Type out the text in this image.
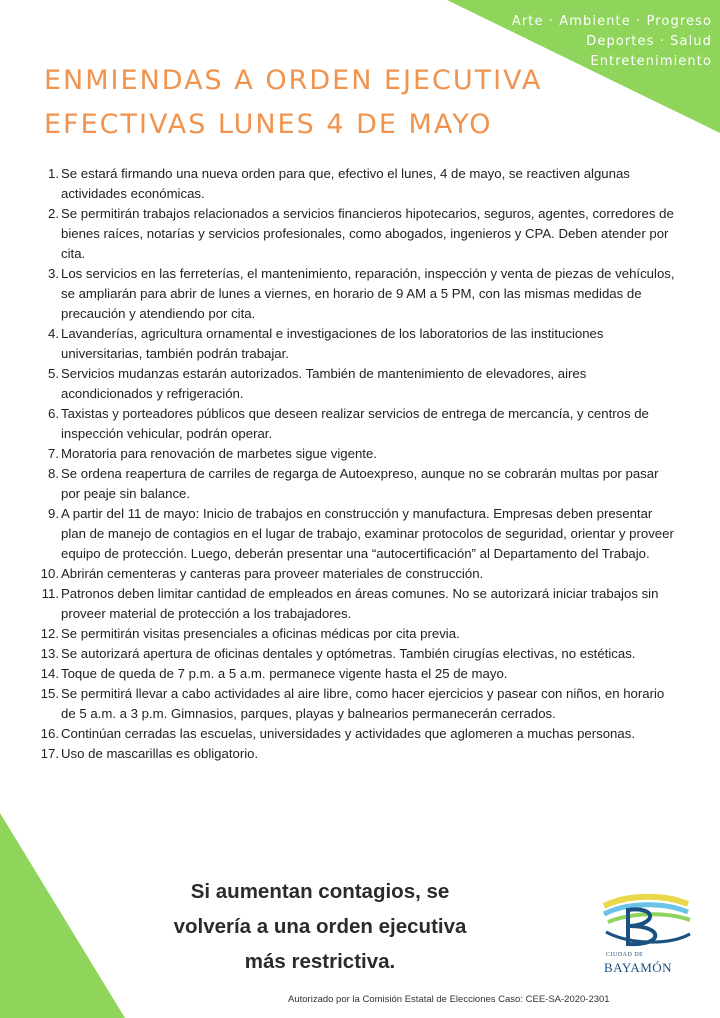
Arte · Ambiente · Progreso
Deportes · Salud
Entretenimiento
ENMIENDAS A ORDEN EJECUTIVA
EFECTIVAS LUNES 4 DE MAYO
1. Se estará firmando una nueva orden para que, efectivo el lunes, 4 de mayo, se reactiven algunas actividades económicas.
2. Se permitirán trabajos relacionados a servicios financieros hipotecarios, seguros, agentes, corredores de bienes raíces, notarías y servicios profesionales, como abogados, ingenieros y CPA. Deben atender por cita.
3. Los servicios en las ferreterías, el mantenimiento, reparación, inspección y venta de piezas de vehículos, se ampliarán para abrir de lunes a viernes, en horario de 9 AM a 5 PM, con las mismas medidas de precaución y atendiendo por cita.
4. Lavanderías, agricultura ornamental e investigaciones de los laboratorios de las instituciones universitarias, también podrán trabajar.
5. Servicios mudanzas estarán autorizados. También de mantenimiento de elevadores, aires acondicionados y refrigeración.
6. Taxistas y porteadores públicos que deseen realizar servicios de entrega de mercancía, y centros de inspección vehicular, podrán operar.
7. Moratoria para renovación de marbetes sigue vigente.
8. Se ordena reapertura de carriles de regarga de Autoexpreso, aunque no se cobrarán multas por pasar por peaje sin balance.
9. A partir del 11 de mayo: Inicio de trabajos en construcción y manufactura. Empresas deben presentar plan de manejo de contagios en el lugar de trabajo, examinar protocolos de seguridad, orientar y proveer equipo de protección. Luego, deberán presentar una “autocertificación” al Departamento del Trabajo.
10. Abrirán cementeras y canteras para proveer materiales de construcción.
11. Patronos deben limitar cantidad de empleados en áreas comunes. No se autorizará iniciar trabajos sin proveer material de protección a los trabajadores.
12. Se permitirán visitas presenciales a oficinas médicas por cita previa.
13. Se autorizará apertura de oficinas dentales y optómetras. También cirugías electivas, no estéticas.
14. Toque de queda de 7 p.m. a 5 a.m. permanece vigente hasta el 25 de mayo.
15. Se permitirá llevar a cabo actividades al aire libre, como hacer ejercicios y pasear con niños, en horario de 5 a.m. a 3 p.m. Gimnasios, parques, playas y balnearios permanecerán cerrados.
16. Continúan cerradas las escuelas, universidades y actividades que aglomeren a muchas personas.
17. Uso de mascarillas es obligatorio.
Si aumentan contagios, se
volvería a una orden ejecutiva
más restrictiva.	CIUDAD DE
BAYAMÓN
Autorizado por la Comisión Estatal de Elecciones Caso: CEE-SA-2020-2301
